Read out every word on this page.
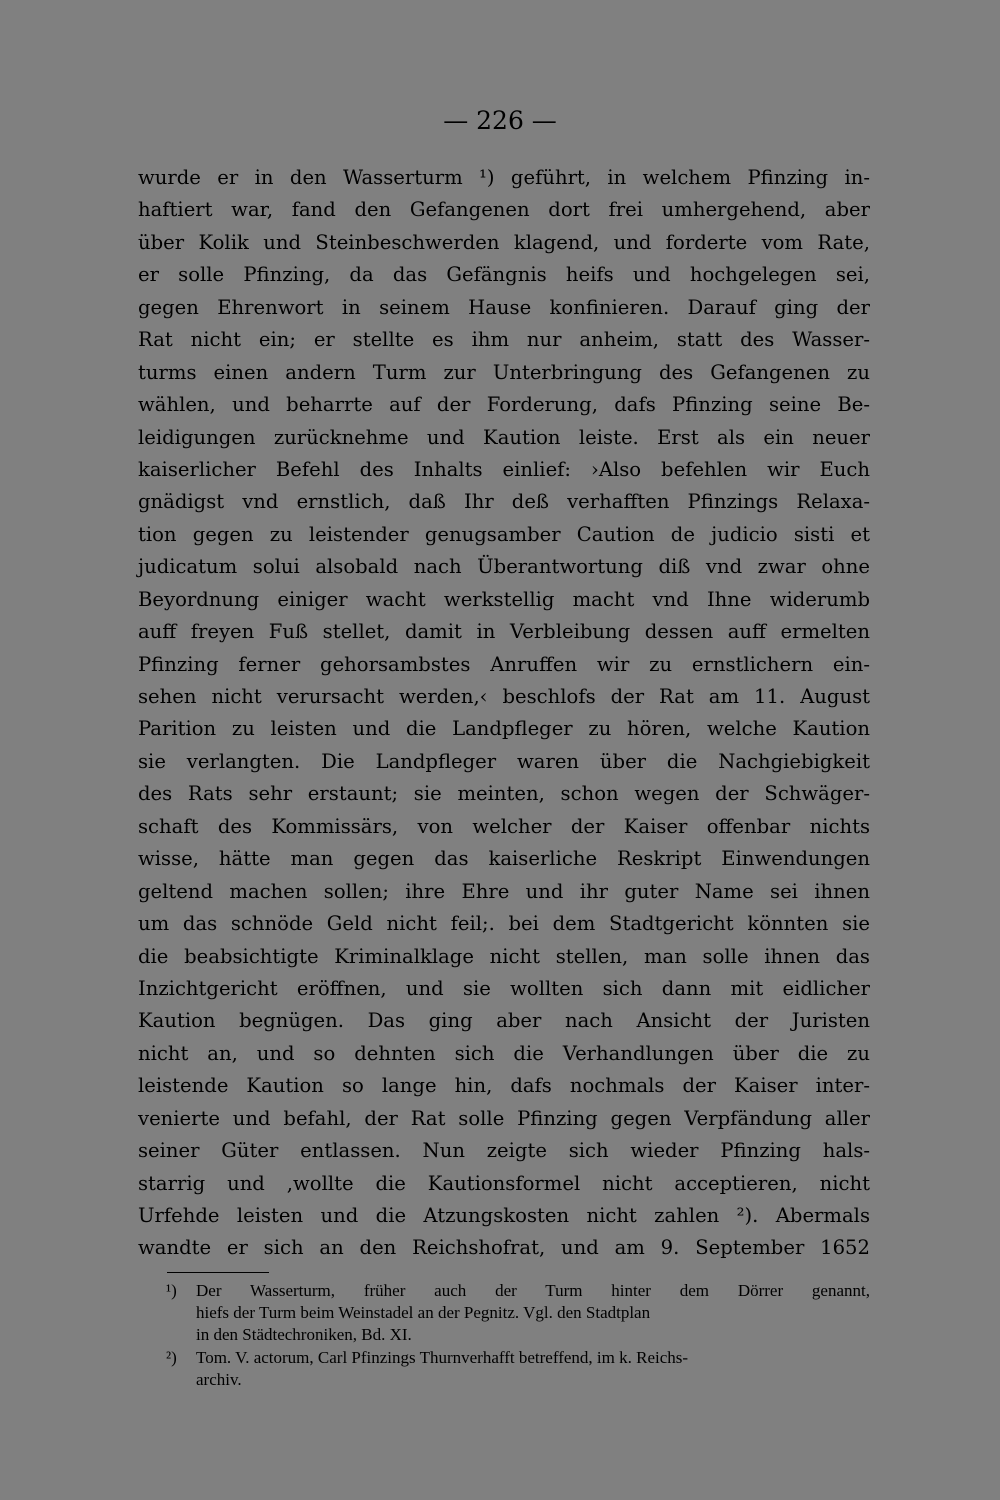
— 226 —
wurde er in den Wasserturm ¹) geführt, in welchem Pfinzing in-
haftiert war, fand den Gefangenen dort frei umhergehend, aber
über Kolik und Steinbeschwerden klagend, und forderte vom Rate,
er solle Pfinzing, da das Gefängnis heifs und hochgelegen sei,
gegen Ehrenwort in seinem Hause konfinieren. Darauf ging der
Rat nicht ein; er stellte es ihm nur anheim, statt des Wasser-
turms einen andern Turm zur Unterbringung des Gefangenen zu
wählen, und beharrte auf der Forderung, dafs Pfinzing seine Be-
leidigungen zurücknehme und Kaution leiste. Erst als ein neuer
kaiserlicher Befehl des Inhalts einlief: ›Also befehlen wir Euch
gnädigst vnd ernstlich, daß Ihr deß verhafften Pfinzings Relaxa-
tion gegen zu leistender genugsamber Caution de judicio sisti et
judicatum solui alsobald nach Überantwortung diß vnd zwar ohne
Beyordnung einiger wacht werkstellig macht vnd Ihne widerumb
auff freyen Fuß stellet, damit in Verbleibung dessen auff ermelten
Pfinzing ferner gehorsambstes Anruffen wir zu ernstlichern ein-
sehen nicht verursacht werden,‹ beschlofs der Rat am 11. August
Parition zu leisten und die Landpfleger zu hören, welche Kaution
sie verlangten. Die Landpfleger waren über die Nachgiebigkeit
des Rats sehr erstaunt; sie meinten, schon wegen der Schwäger-
schaft des Kommissärs, von welcher der Kaiser offenbar nichts
wisse, hätte man gegen das kaiserliche Reskript Einwendungen
geltend machen sollen; ihre Ehre und ihr guter Name sei ihnen
um das schnöde Geld nicht feil;. bei dem Stadtgericht könnten sie
die beabsichtigte Kriminalklage nicht stellen, man solle ihnen das
Inzichtgericht eröffnen, und sie wollten sich dann mit eidlicher
Kaution begnügen. Das ging aber nach Ansicht der Juristen
nicht an, und so dehnten sich die Verhandlungen über die zu
leistende Kaution so lange hin, dafs nochmals der Kaiser inter-
venierte und befahl, der Rat solle Pfinzing gegen Verpfändung aller
seiner Güter entlassen. Nun zeigte sich wieder Pfinzing hals-
starrig und ,wollte die Kautionsformel nicht acceptieren, nicht
Urfehde leisten und die Atzungskosten nicht zahlen ²). Abermals
wandte er sich an den Reichshofrat, und am 9. September 1652
¹) Der Wasserturm, früher auch der Turm hinter dem Dörrer genannt,
hiefs der Turm beim Weinstadel an der Pegnitz. Vgl. den Stadtplan
in den Städtechroniken, Bd. XI.
²) Tom. V. actorum, Carl Pfinzings Thurnverhafft betreffend, im k. Reichs-
archiv.
